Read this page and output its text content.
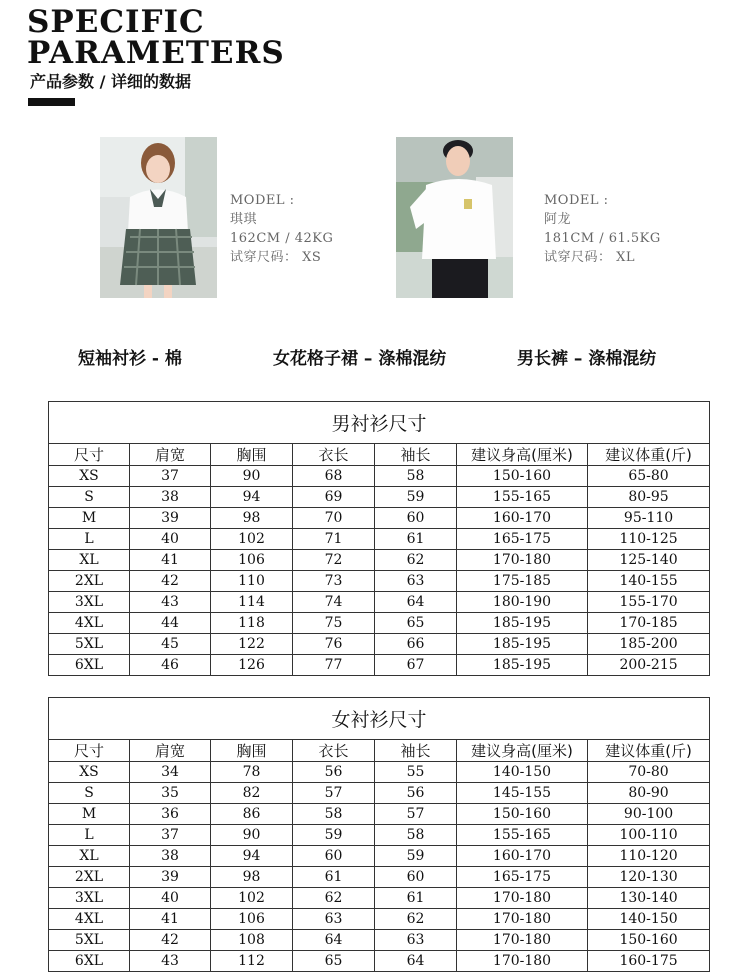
SPECIFIC
PARAMETERS
产品参数 / 详细的数据
MODEL :
琪琪
162CM / 42KG
试穿尺码： XS
MODEL :
阿龙
181CM / 61.5KG
试穿尺码： XL
短袖衬衫 - 棉	女花格子裙 – 涤棉混纺	男长裤 – 涤棉混纺
男衬衫尺寸						
尺寸	肩宽	胸围	衣长	袖长	建议身高(厘米)	建议体重(斤)
XS	37	90	68	58	150-160	65-80
S	38	94	69	59	155-165	80-95
M	39	98	70	60	160-170	95-110
L	40	102	71	61	165-175	110-125
XL	41	106	72	62	170-180	125-140
2XL	42	110	73	63	175-185	140-155
3XL	43	114	74	64	180-190	155-170
4XL	44	118	75	65	185-195	170-185
5XL	45	122	76	66	185-195	185-200
6XL	46	126	77	67	185-195	200-215
女衬衫尺寸						
尺寸	肩宽	胸围	衣长	袖长	建议身高(厘米)	建议体重(斤)
XS	34	78	56	55	140-150	70-80
S	35	82	57	56	145-155	80-90
M	36	86	58	57	150-160	90-100
L	37	90	59	58	155-165	100-110
XL	38	94	60	59	160-170	110-120
2XL	39	98	61	60	165-175	120-130
3XL	40	102	62	61	170-180	130-140
4XL	41	106	63	62	170-180	140-150
5XL	42	108	64	63	170-180	150-160
6XL	43	112	65	64	170-180	160-175
